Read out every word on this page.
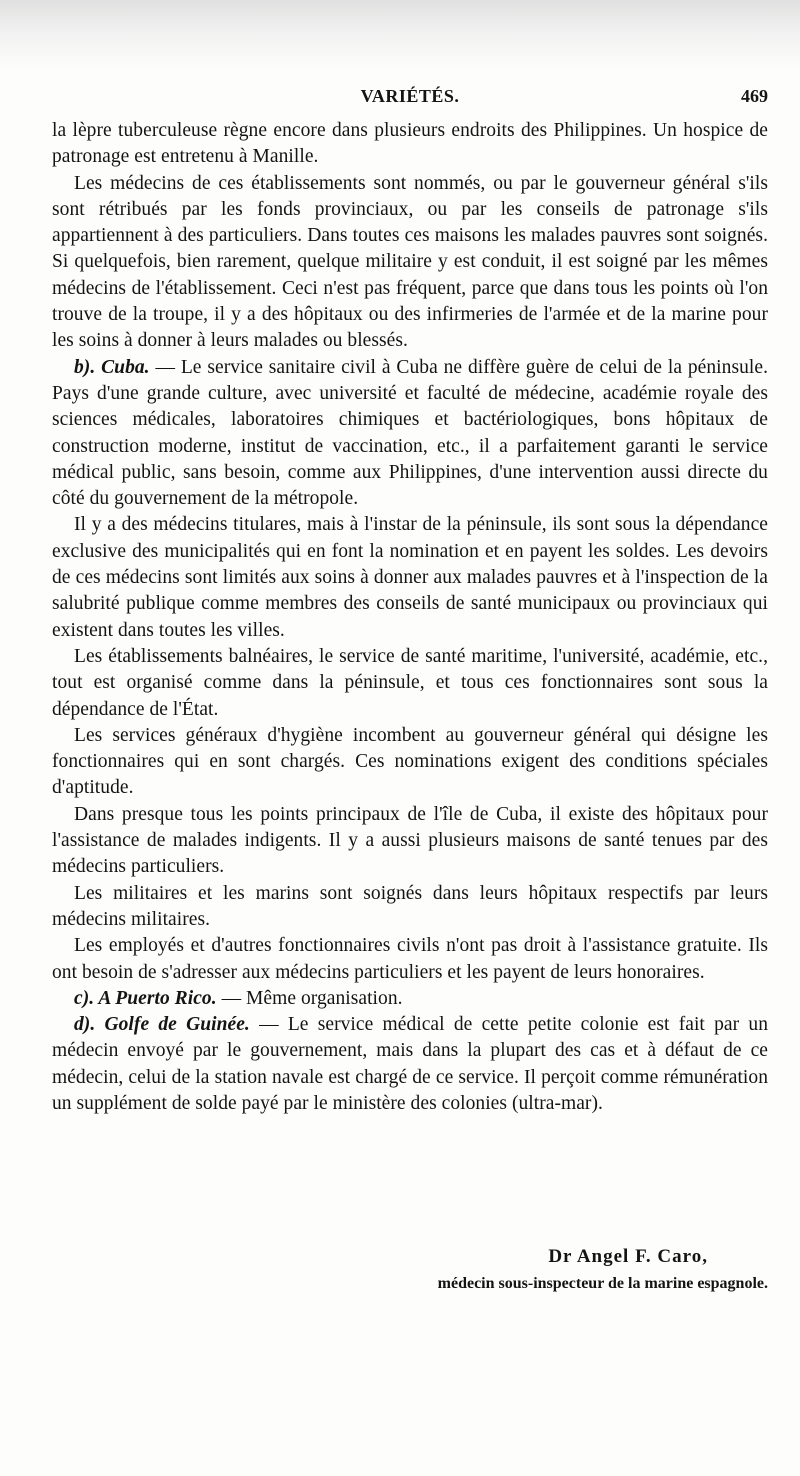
VARIÉTÉS.	469

la lèpre tuberculeuse règne encore dans plusieurs endroits des Philippines. Un hospice de patronage est entretenu à Manille.

Les médecins de ces établissements sont nommés, ou par le gouverneur général s'ils sont rétribués par les fonds provinciaux, ou par les conseils de patronage s'ils appartiennent à des particuliers. Dans toutes ces maisons les malades pauvres sont soignés. Si quelquefois, bien rarement, quelque militaire y est conduit, il est soigné par les mêmes médecins de l'établissement. Ceci n'est pas fréquent, parce que dans tous les points où l'on trouve de la troupe, il y a des hôpitaux ou des infirmeries de l'armée et de la marine pour les soins à donner à leurs malades ou blessés.

b). Cuba. — Le service sanitaire civil à Cuba ne diffère guère de celui de la péninsule. Pays d'une grande culture, avec université et faculté de médecine, académie royale des sciences médicales, laboratoires chimiques et bactériologiques, bons hôpitaux de construction moderne, institut de vaccination, etc., il a parfaitement garanti le service médical public, sans besoin, comme aux Philippines, d'une intervention aussi directe du côté du gouvernement de la métropole.

Il y a des médecins titulares, mais à l'instar de la péninsule, ils sont sous la dépendance exclusive des municipalités qui en font la nomination et en payent les soldes. Les devoirs de ces médecins sont limités aux soins à donner aux malades pauvres et à l'inspection de la salubrité publique comme membres des conseils de santé municipaux ou provinciaux qui existent dans toutes les villes.

Les établissements balnéaires, le service de santé maritime, l'université, académie, etc., tout est organisé comme dans la péninsule, et tous ces fonctionnaires sont sous la dépendance de l'État.

Les services généraux d'hygiène incombent au gouverneur général qui désigne les fonctionnaires qui en sont chargés. Ces nominations exigent des conditions spéciales d'aptitude.

Dans presque tous les points principaux de l'île de Cuba, il existe des hôpitaux pour l'assistance de malades indigents. Il y a aussi plusieurs maisons de santé tenues par des médecins particuliers.

Les militaires et les marins sont soignés dans leurs hôpitaux respectifs par leurs médecins militaires.

Les employés et d'autres fonctionnaires civils n'ont pas droit à l'assistance gratuite. Ils ont besoin de s'adresser aux médecins particuliers et les payent de leurs honoraires.

c). A Puerto Rico. — Même organisation.

d). Golfe de Guinée. — Le service médical de cette petite colonie est fait par un médecin envoyé par le gouvernement, mais dans la plupart des cas et à défaut de ce médecin, celui de la station navale est chargé de ce service. Il perçoit comme rémunération un supplément de solde payé par le ministère des colonies (ultra-mar).

Dr Angel F. Caro,
médecin sous-inspecteur de la marine espagnole.
